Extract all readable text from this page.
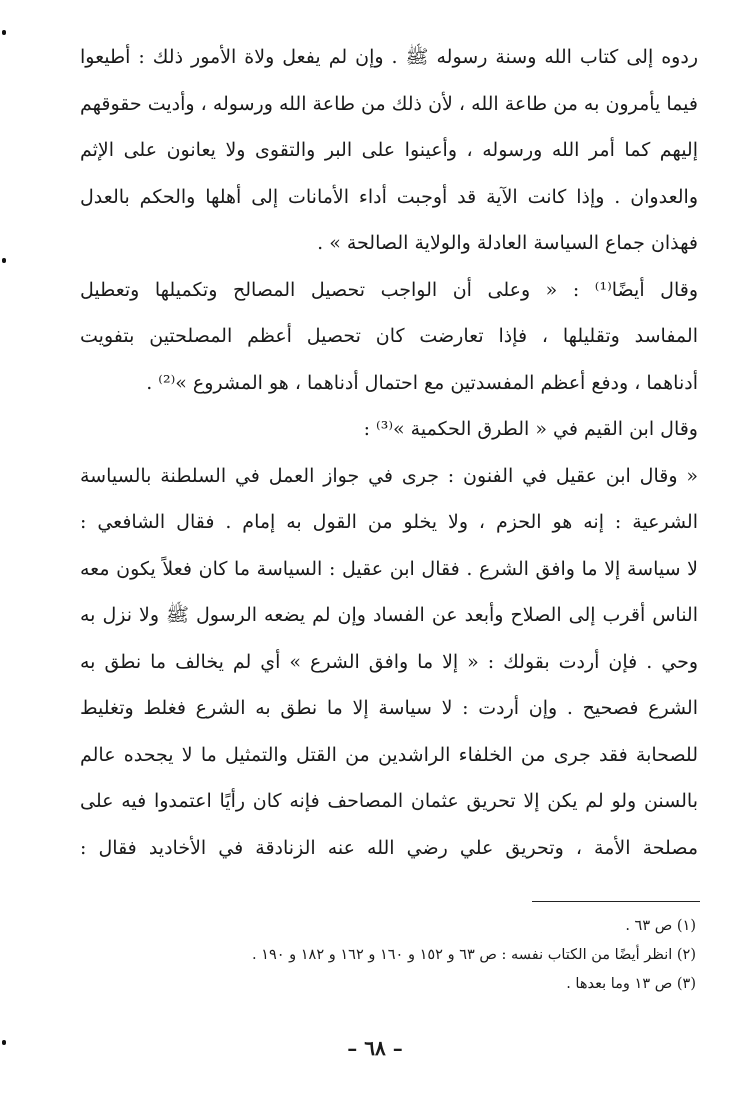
ردوه إلى كتاب الله وسنة رسوله ﷺ . وإن لم يفعل ولاة الأمور ذلك : أطيعوا
فيما يأمرون به من طاعة الله ، لأن ذلك من طاعة الله ورسوله ، وأديت حقوقهم
إليهم كما أمر الله ورسوله ، وأعينوا على البر والتقوى ولا يعانون على الإثم
والعدوان . وإذا كانت الآية قد أوجبت أداء الأمانات إلى أهلها والحكم بالعدل
فهذان جماع السياسة العادلة والولاية الصالحة » .
وقال أيضًا⁽¹⁾ : « وعلى أن الواجب تحصيل المصالح وتكميلها وتعطيل
المفاسد وتقليلها ، فإذا تعارضت كان تحصيل أعظم المصلحتين بتفويت
أدناهما ، ودفع أعظم المفسدتين مع احتمال أدناهما ، هو المشروع »⁽²⁾ .
وقال ابن القيم في « الطرق الحكمية »⁽³⁾ :
« وقال ابن عقيل في الفنون : جرى في جواز العمل في السلطنة بالسياسة
الشرعية : إنه هو الحزم ، ولا يخلو من القول به إمام . فقال الشافعي :
لا سياسة إلا ما وافق الشرع . فقال ابن عقيل : السياسة ما كان فعلاً يكون معه
الناس أقرب إلى الصلاح وأبعد عن الفساد وإن لم يضعه الرسول ﷺ ولا نزل به
وحي . فإن أردت بقولك : « إلا ما وافق الشرع » أي لم يخالف ما نطق به
الشرع فصحيح . وإن أردت : لا سياسة إلا ما نطق به الشرع فغلط وتغليط
للصحابة فقد جرى من الخلفاء الراشدين من القتل والتمثيل ما لا يجحده عالم
بالسنن ولو لم يكن إلا تحريق عثمان المصاحف فإنه كان رأيًا اعتمدوا فيه على
مصلحة الأمة ، وتحريق علي رضي الله عنه الزنادقة في الأخاديد فقال :
(١) ص ٦٣ .
(٢) انظر أيضًا من الكتاب نفسه : ص ٦٣ و ١٥٢ و ١٦٠ و ١٦٢ و ١٨٢ و ١٩٠ .
(٣) ص ١٣ وما بعدها .
– ٦٨ –
